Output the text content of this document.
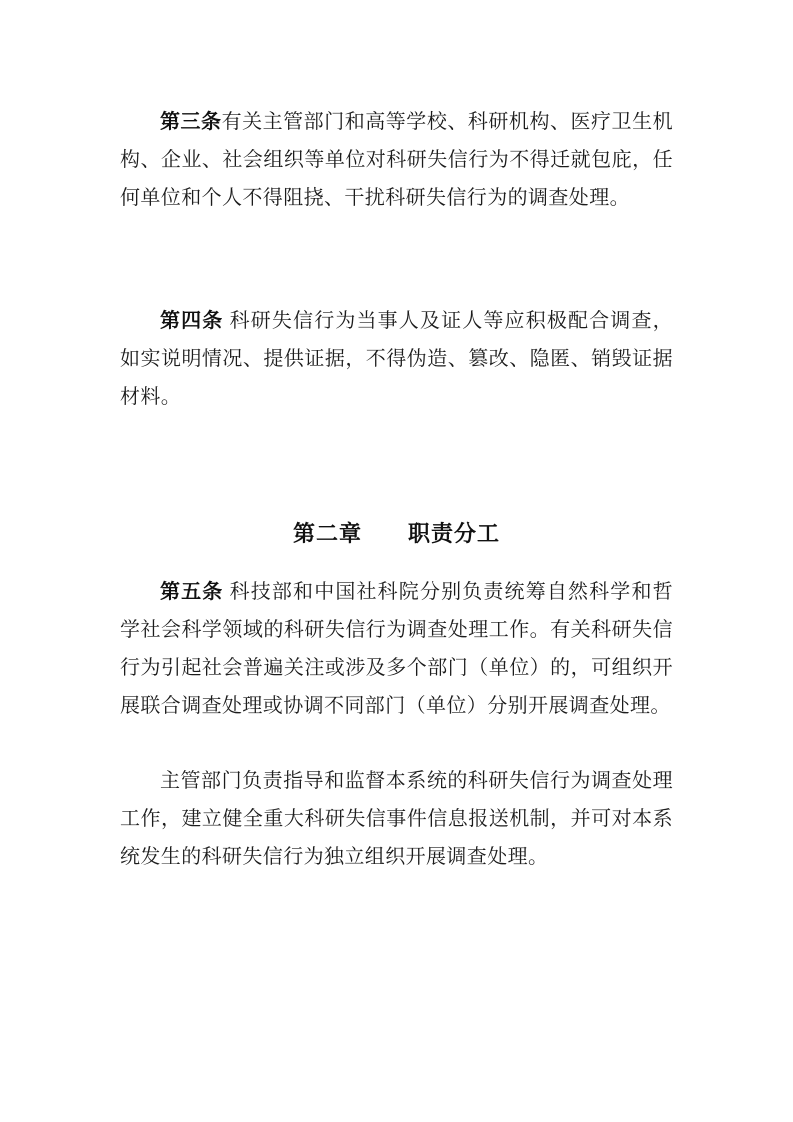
第三条有关主管部门和高等学校、科研机构、医疗卫生机构、企业、社会组织等单位对科研失信行为不得迁就包庇，任何单位和个人不得阻挠、干扰科研失信行为的调查处理。

第四条 科研失信行为当事人及证人等应积极配合调查，如实说明情况、提供证据，不得伪造、篡改、隐匿、销毁证据材料。

第二章　　职责分工

第五条 科技部和中国社科院分别负责统筹自然科学和哲学社会科学领域的科研失信行为调查处理工作。有关科研失信行为引起社会普遍关注或涉及多个部门（单位）的，可组织开展联合调查处理或协调不同部门（单位）分别开展调查处理。

主管部门负责指导和监督本系统的科研失信行为调查处理工作，建立健全重大科研失信事件信息报送机制，并可对本系统发生的科研失信行为独立组织开展调查处理。
